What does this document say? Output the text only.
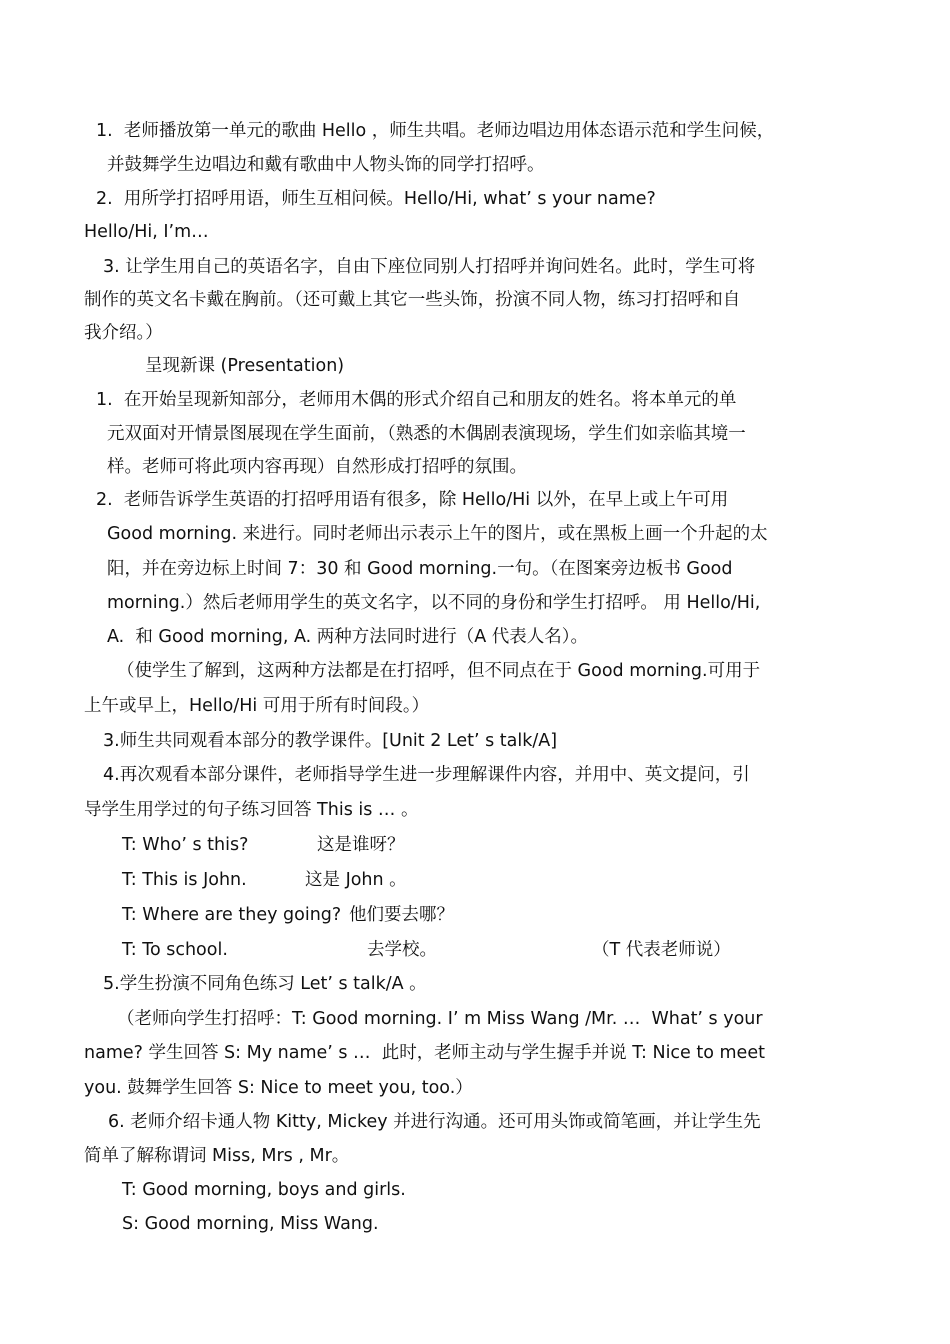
1.  老师播放第一单元的歌曲 Hello ，师生共唱。老师边唱边用体态语示范和学生问候，

并鼓舞学生边唱边和戴有歌曲中人物头饰的同学打招呼。

2.  用所学打招呼用语，师生互相问候。Hello/Hi, what’ s your name?

Hello/Hi, I’m…

3. 让学生用自己的英语名字，自由下座位同别人打招呼并询问姓名。此时，学生可将

制作的英文名卡戴在胸前。（还可戴上其它一些头饰，扮演不同人物，练习打招呼和自

我介绍。）

呈现新课 (Presentation)

1.  在开始呈现新知部分，老师用木偶的形式介绍自己和朋友的姓名。将本单元的单

元双面对开情景图展现在学生面前，（熟悉的木偶剧表演现场，学生们如亲临其境一

样。老师可将此项内容再现）自然形成打招呼的氛围。

2.  老师告诉学生英语的打招呼用语有很多，除 Hello/Hi 以外，在早上或上午可用

Good morning. 来进行。同时老师出示表示上午的图片，或在黑板上画一个升起的太

阳，并在旁边标上时间 7：30 和 Good morning.一句。（在图案旁边板书 Good

morning.）然后老师用学生的英文名字，以不同的身份和学生打招呼。 用 Hello/Hi,

A.  和 Good morning, A. 两种方法同时进行（A 代表人名）。

（使学生了解到，这两种方法都是在打招呼，但不同点在于 Good morning.可用于

上午或早上，Hello/Hi 可用于所有时间段。）

3.师生共同观看本部分的教学课件。[Unit 2 Let’ s talk/A]

4.再次观看本部分课件，老师指导学生进一步理解课件内容，并用中、英文提问，引

导学生用学过的句子练习回答 This is … 。

T: Who’ s this?	这是谁呀？

T: This is John.	这是 John 。

T: Where are they going? 他们要去哪？

T: To school.	去学校。	（T 代表老师说）

5.学生扮演不同角色练习 Let’ s talk/A 。

（老师向学生打招呼：T: Good morning. I’ m Miss Wang /Mr. …  What’ s your

name? 学生回答 S: My name’ s …  此时，老师主动与学生握手并说 T: Nice to meet

you. 鼓舞学生回答 S: Nice to meet you, too.）

6. 老师介绍卡通人物 Kitty, Mickey 并进行沟通。还可用头饰或简笔画，并让学生先

简单了解称谓词 Miss, Mrs , Mr。

T: Good morning, boys and girls.

S: Good morning, Miss Wang.
